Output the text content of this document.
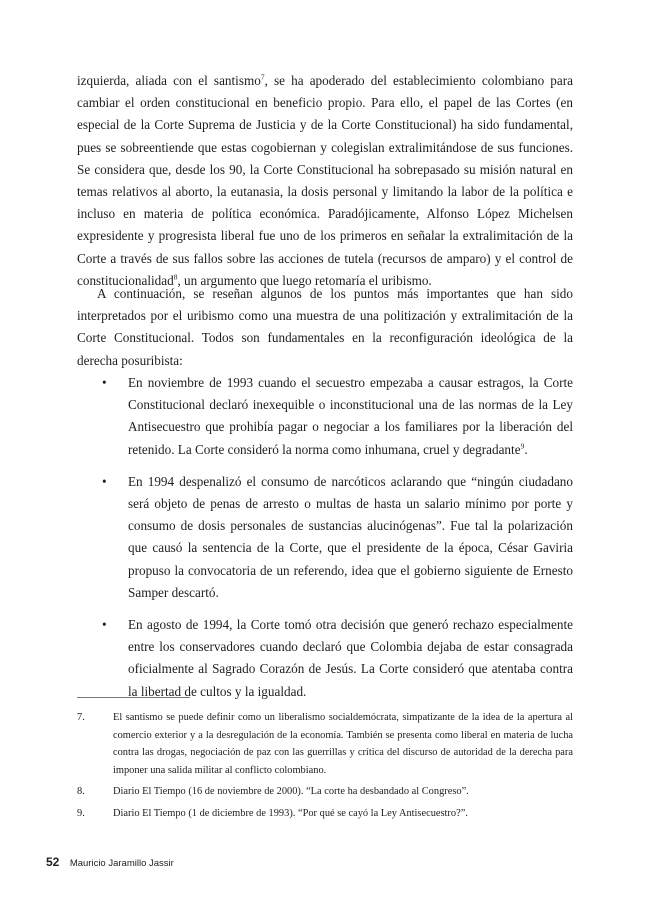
izquierda, aliada con el santismo$^7$, se ha apoderado del establecimiento colombiano para cambiar el orden constitucional en beneficio propio. Para ello, el papel de las Cortes (en especial de la Corte Suprema de Justicia y de la Corte Constitucional) ha sido fundamental, pues se sobreentiende que estas cogobiernan y colegislan extralimitándose de sus funciones. Se considera que, desde los 90, la Corte Constitucional ha sobrepasado su misión natural en temas relativos al aborto, la eutanasia, la dosis personal y limitando la labor de la política e incluso en materia de política económica. Paradójicamente, Alfonso López Michelsen expresidente y progresista liberal fue uno de los primeros en señalar la extralimitación de la Corte a través de sus fallos sobre las acciones de tutela (recursos de amparo) y el control de constitucionalidad$^8$, un argumento que luego retomaría el uribismo.
A continuación, se reseñan algunos de los puntos más importantes que han sido interpretados por el uribismo como una muestra de una politización y extralimitación de la Corte Constitucional. Todos son fundamentales en la reconfiguración ideológica de la derecha posuribista:
• En noviembre de 1993 cuando el secuestro empezaba a causar estragos, la Corte Constitucional declaró inexequible o inconstitucional una de las normas de la Ley Antisecuestro que prohibía pagar o negociar a los familiares por la liberación del retenido. La Corte consideró la norma como inhumana, cruel y degradante$^9$.
• En 1994 despenalizó el consumo de narcóticos aclarando que “ningún ciudadano será objeto de penas de arresto o multas de hasta un salario mínimo por porte y consumo de dosis personales de sustancias alucinógenas”. Fue tal la polarización que causó la sentencia de la Corte, que el presidente de la época, César Gaviria propuso la convocatoria de un referendo, idea que el gobierno siguiente de Ernesto Samper descartó.
• En agosto de 1994, la Corte tomó otra decisión que generó rechazo especialmente entre los conservadores cuando declaró que Colombia dejaba de estar consagrada oficialmente al Sagrado Corazón de Jesús. La Corte consideró que atentaba contra la libertad de cultos y la igualdad.
7.	El santismo se puede definir como un liberalismo socialdemócrata, simpatizante de la idea de la apertura al comercio exterior y a la desregulación de la economía. También se presenta como liberal en materia de lucha contra las drogas, negociación de paz con las guerrillas y crítica del discurso de autoridad de la derecha para imponer una salida militar al conflicto colombiano.
8.	Diario El Tiempo (16 de noviembre de 2000). “La corte ha desbandado al Congreso”.
9.	Diario El Tiempo (1 de diciembre de 1993). “Por qué se cayó la Ley Antisecuestro?”.
52 Mauricio Jaramillo Jassir
